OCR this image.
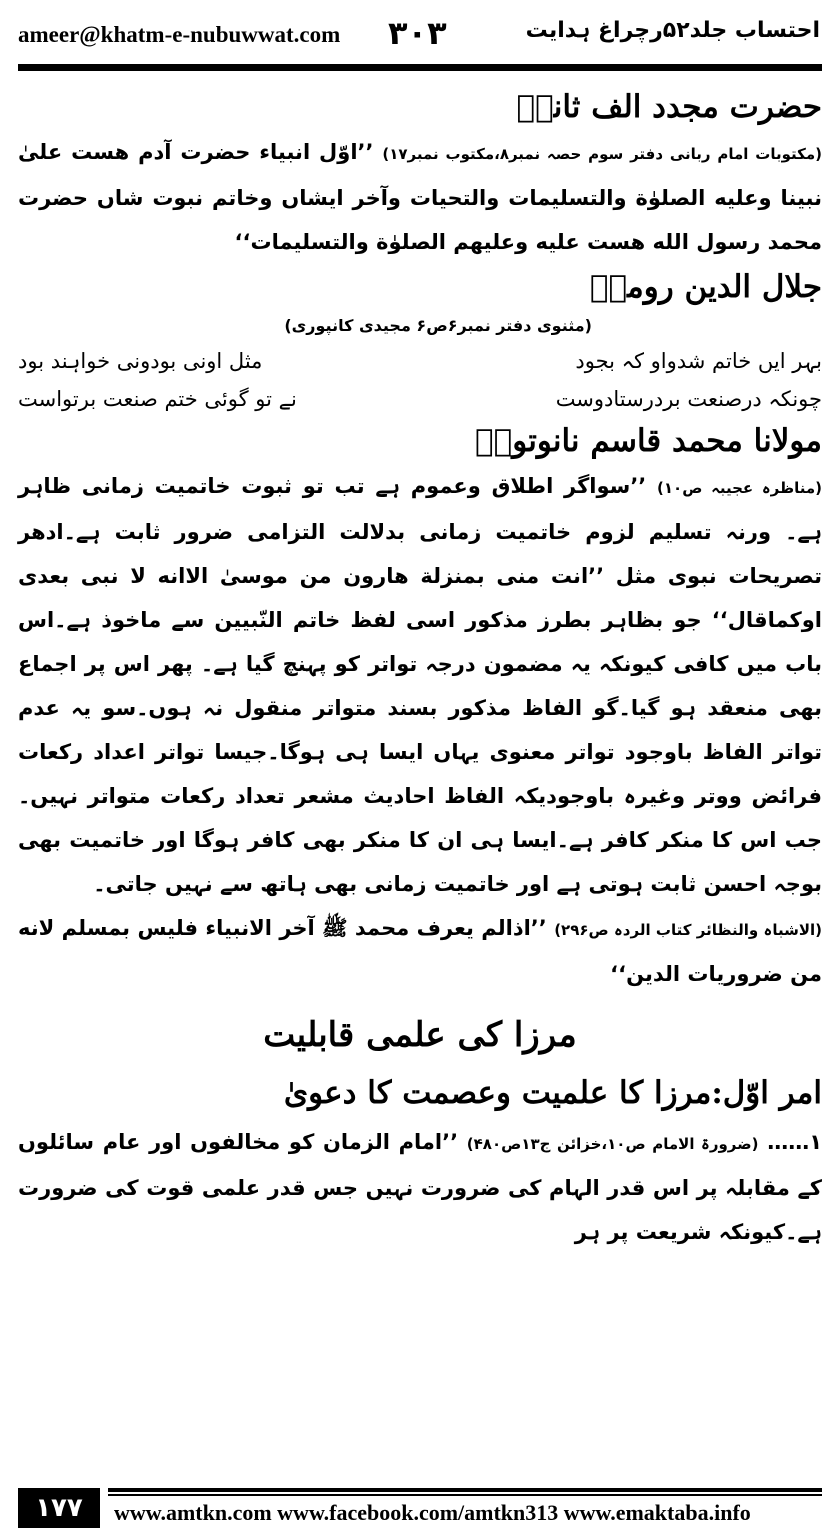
ameer@khatm-e-nubuwwat.com ۳۰۳	احتساب جلد۵۲رچراغ ہدایت
حضرت مجدد الف ثانیؒ
(مکتوبات امام ربانی دفتر سوم حصہ نمبر۸،مکتوب نمبر۱۷) ’’اوّل انبیاء حضرت آدم هست علیٰ نبینا وعلیه الصلوٰة والتسلیمات والتحیات وآخر ایشاں وخاتم نبوت شاں حضرت محمد رسول الله هست علیه وعلیهم الصلوٰة والتسلیمات‘‘
جلال الدین رومیؒ
(مثنوی دفتر نمبر۶ص۶ مجیدی کانپوری)
بہر ایں خاتم شدواو کہ بجود
مثل اونی بودونی خواہند بود
چونکہ درصنعت بردرستادوست
نے تو گوئی ختم صنعت برتواست
مولانا محمد قاسم نانوتویؒ
(مناظرہ عجیبہ ص۱۰) ’’سواگر اطلاق وعموم ہے تب تو ثبوت خاتمیت زمانی ظاہر ہے۔ ورنہ تسلیم لزوم خاتمیت زمانی بدلالت التزامی ضرور ثابت ہے۔ادھر تصریحات نبوی مثل ’’انت منی بمنزلة هارون من موسیٰ الاانه لا نبی بعدی اوکماقال‘‘ جو بظاہر بطرز مذکور اسی لفظ خاتم النّبیین سے ماخوذ ہے۔اس باب میں کافی کیونکہ یہ مضمون درجہ تواتر کو پہنچ گیا ہے۔ پھر اس پر اجماع بھی منعقد ہو گیا۔گو الفاظ مذکور بسند متواتر منقول نہ ہوں۔سو یہ عدم تواتر الفاظ باوجود تواتر معنوی یہاں ایسا ہی ہوگا۔جیسا تواتر اعداد رکعات فرائض ووتر وغیرہ باوجودیکہ الفاظ احادیث مشعر تعداد رکعات متواتر نہیں۔جب اس کا منکر کافر ہے۔ایسا ہی ان کا منکر بھی کافر ہوگا اور خاتمیت بھی بوجہ احسن ثابت ہوتی ہے اور خاتمیت زمانی بھی ہاتھ سے نہیں جاتی۔
(الاشباہ والنظائر کتاب الردہ ص۲۹۶) ’’اذالم یعرف محمد ﷺ آخر الانبیاء فلیس بمسلم لانه من ضروریات الدین‘‘
مرزا کی علمی قابلیت
امر اوّل:مرزا کا علمیت وعصمت کا دعویٰ
۱…… (ضرورۃ الامام ص۱۰،خزائن ج۱۳ص۴۸۰) ’’امام الزمان کو مخالفوں اور عام سائلوں کے مقابلہ پر اس قدر الہام کی ضرورت نہیں جس قدر علمی قوت کی ضرورت ہے۔کیونکہ شریعت پر ہر
۱۷۷	www.amtkn.com www.facebook.com/amtkn313 www.emaktaba.info
